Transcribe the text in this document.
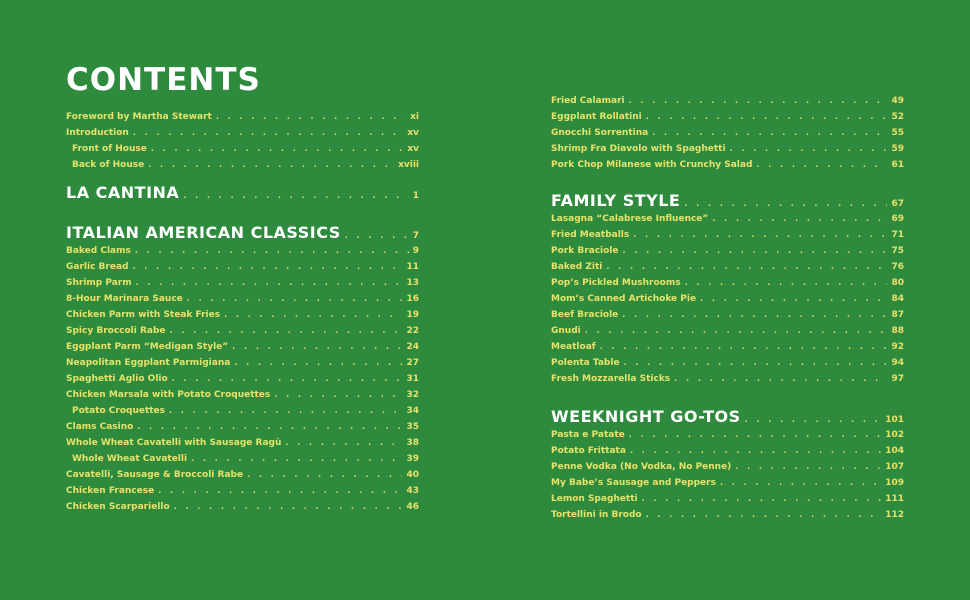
CONTENTS
Foreword by Martha Stewart . . .	xi
Introduction . . .	xv
Front of House . . .	xv
Back of House . . .	xviii
LA CANTINA . . .	1
ITALIAN AMERICAN CLASSICS . . .	7
Baked Clams . . .	9
Garlic Bread . . .	11
Shrimp Parm . . .	13
8-Hour Marinara Sauce . . .	16
Chicken Parm with Steak Fries . . .	19
Spicy Broccoli Rabe . . .	22
Eggplant Parm “Medigan Style” . . .	24
Neapolitan Eggplant Parmigiana . . .	27
Spaghetti Aglio Olio . . .	31
Chicken Marsala with Potato Croquettes . . .	32
Potato Croquettes . . .	34
Clams Casino . . .	35
Whole Wheat Cavatelli with Sausage Ragù . . .	38
Whole Wheat Cavatelli . . .	39
Cavatelli, Sausage & Broccoli Rabe . . .	40
Chicken Francese . . .	43
Chicken Scarpariello . . .	46
Fried Calamari . . .	49
Eggplant Rollatini . . .	52
Gnocchi Sorrentina . . .	55
Shrimp Fra Diavolo with Spaghetti . . .	59
Pork Chop Milanese with Crunchy Salad . . .	61
FAMILY STYLE . . .	67
Lasagna “Calabrese Influence” . . .	69
Fried Meatballs . . .	71
Pork Braciole . . .	75
Baked Ziti . . .	76
Pop’s Pickled Mushrooms . . .	80
Mom’s Canned Artichoke Pie . . .	84
Beef Braciole . . .	87
Gnudi . . .	88
Meatloaf . . .	92
Polenta Table . . .	94
Fresh Mozzarella Sticks . . .	97
WEEKNIGHT GO-TOS . . .	101
Pasta e Patate . . .	102
Potato Frittata . . .	104
Penne Vodka (No Vodka, No Penne) . . .	107
My Babe’s Sausage and Peppers . . .	109
Lemon Spaghetti . . .	111
Tortellini in Brodo . . .	112
